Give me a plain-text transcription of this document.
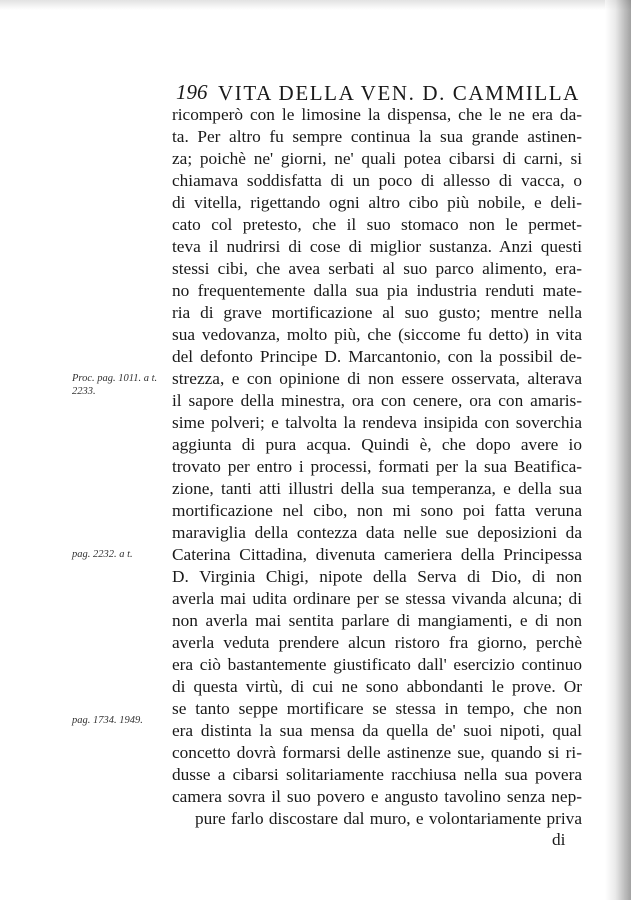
196 VITA DELLA VEN. D. CAMMILLA
ricomperò con le limosine la dispensa, che le ne era da-
ta. Per altro fu sempre continua la sua grande astinen-
za; poichè ne' giorni, ne' quali potea cibarsi di carni, si
chiamava soddisfatta di un poco di allesso di vacca, o
di vitella, rigettando ogni altro cibo più nobile, e deli-
cato col pretesto, che il suo stomaco non le permet-
teva il nudrirsi di cose di miglior sustanza. Anzi questi
stessi cibi, che avea serbati al suo parco alimento, era-
no frequentemente dalla sua pia industria renduti mate-
ria di grave mortificazione al suo gusto; mentre nella
sua vedovanza, molto più, che (siccome fu detto) in vita
del defonto Principe D. Marcantonio, con la possibil de-
strezza, e con opinione di non essere osservata, alterava
il sapore della minestra, ora con cenere, ora con amaris-
sime polveri; e talvolta la rendeva insipida con soverchia
aggiunta di pura acqua. Quindi è, che dopo avere io
trovato per entro i processi, formati per la sua Beatifica-
zione, tanti atti illustri della sua temperanza, e della sua
mortificazione nel cibo, non mi sono poi fatta veruna
maraviglia della contezza data nelle sue deposizioni da
Caterina Cittadina, divenuta cameriera della Principessa
D. Virginia Chigi, nipote della Serva di Dio, di non
averla mai udita ordinare per se stessa vivanda alcuna; di
non averla mai sentita parlare di mangiamenti, e di non
averla veduta prendere alcun ristoro fra giorno, perchè
era ciò bastantemente giustificato dall' esercizio continuo
di questa virtù, di cui ne sono abbondanti le prove. Or
se tanto seppe mortificare se stessa in tempo, che non
era distinta la sua mensa da quella de' suoi nipoti, qual
concetto dovrà formarsi delle astinenze sue, quando si ri-
dusse a cibarsi solitariamente racchiusa nella sua povera
camera sovra il suo povero e angusto tavolino senza nep-
pure farlo discostare dal muro, e volontariamente priva
Proc. pag. 1011. a t.
2233.
pag. 2232. a t.
pag. 1734. 1949.
di
